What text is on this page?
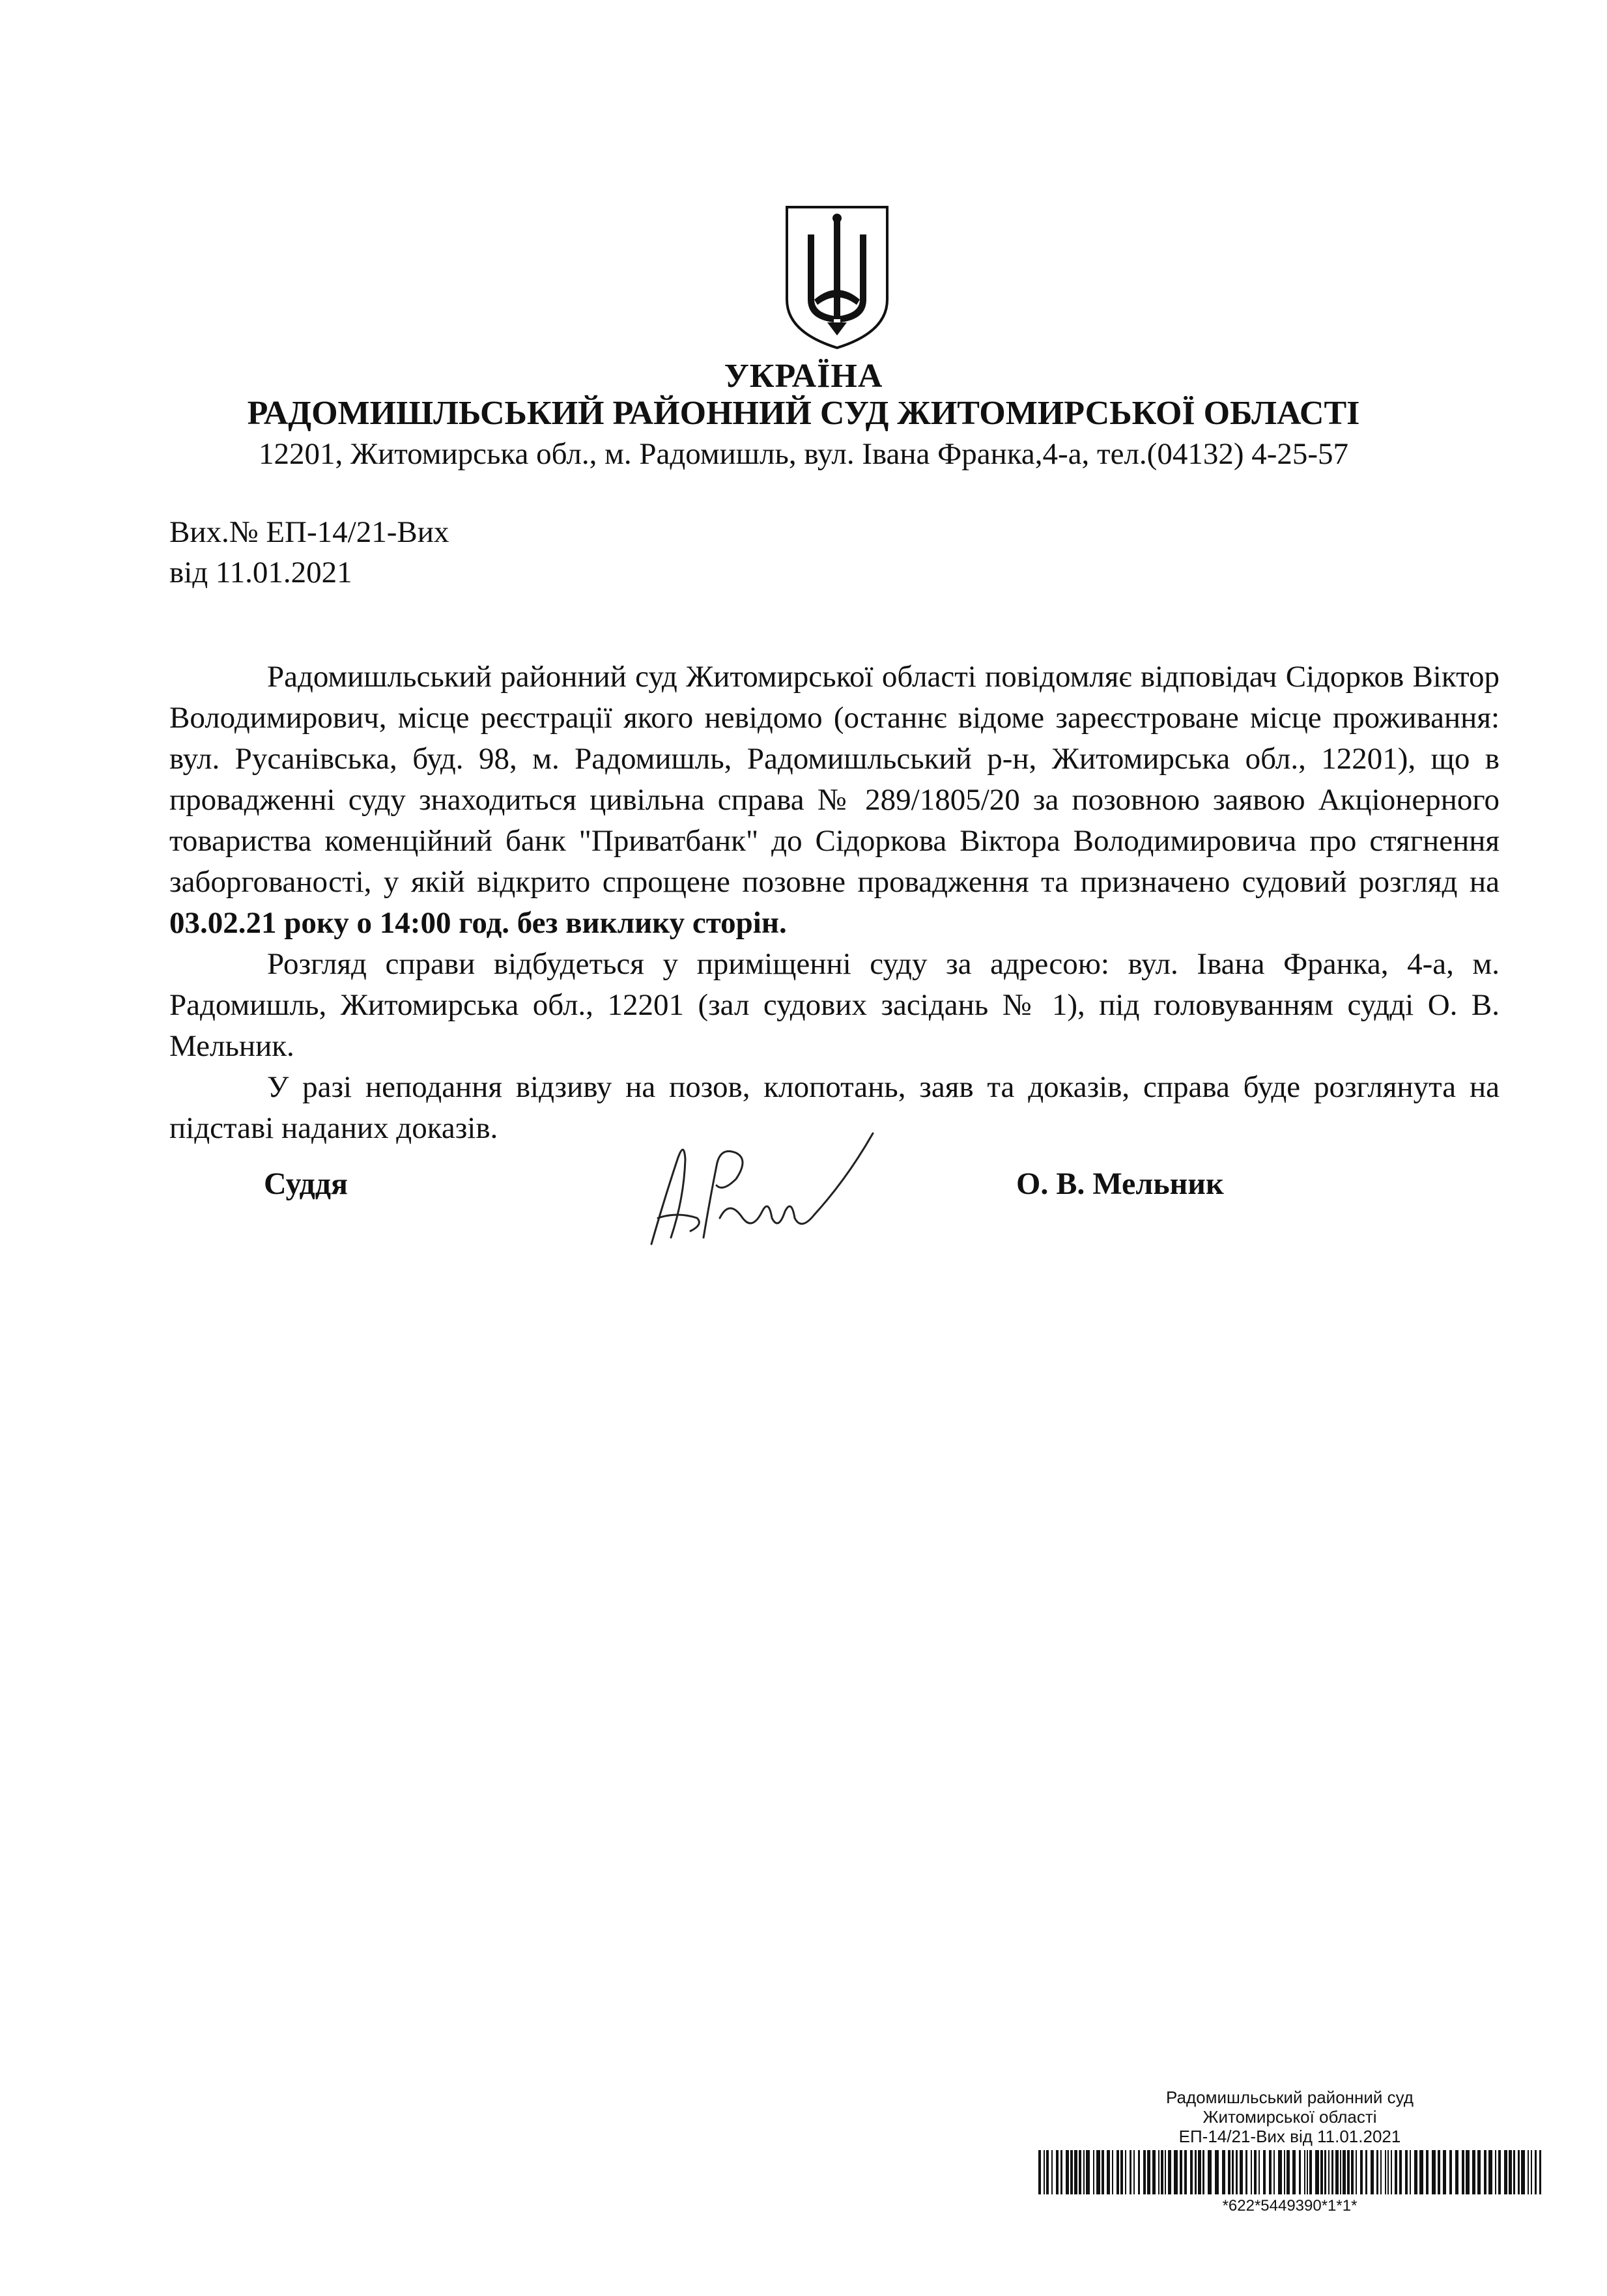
УКРАЇНА
РАДОМИШЛЬСЬКИЙ РАЙОННИЙ СУД ЖИТОМИРСЬКОЇ ОБЛАСТІ
12201, Житомирська обл., м. Радомишль, вул. Івана Франка,4-а, тел.(04132) 4-25-57
Вих.№ ЕП-14/21-Вих
від 11.01.2021

Радомишльський районний суд Житомирської області повідомляє відповідач Сідорков Віктор Володимирович, місце реєстрації якого невідомо (останнє відоме зареєстроване місце проживання: вул. Русанівська, буд. 98, м. Радомишль, Радомишльський р-н, Житомирська обл., 12201), що в провадженні суду знаходиться цивільна справа № 289/1805/20 за позовною заявою Акціонерного товариства коменційний банк "Приватбанк" до Сідоркова Віктора Володимировича про стягнення заборгованості, у якій відкрито спрощене позовне провадження та призначено судовий розгляд на 03.02.21 року о 14:00 год. без виклику сторін.

Розгляд справи відбудеться у приміщенні суду за адресою: вул. Івана Франка, 4-а, м. Радомишль, Житомирська обл., 12201 (зал судових засідань № 1), під головуванням судді О. В. Мельник.

У разі неподання відзиву на позов, клопотань, заяв та доказів, справа буде розглянута на підставі наданих доказів.

Суддя	О. В. Мельник
Радомишльський районний суд
Житомирської області
ЕП-14/21-Вих від 11.01.2021
*622*5449390*1*1*
